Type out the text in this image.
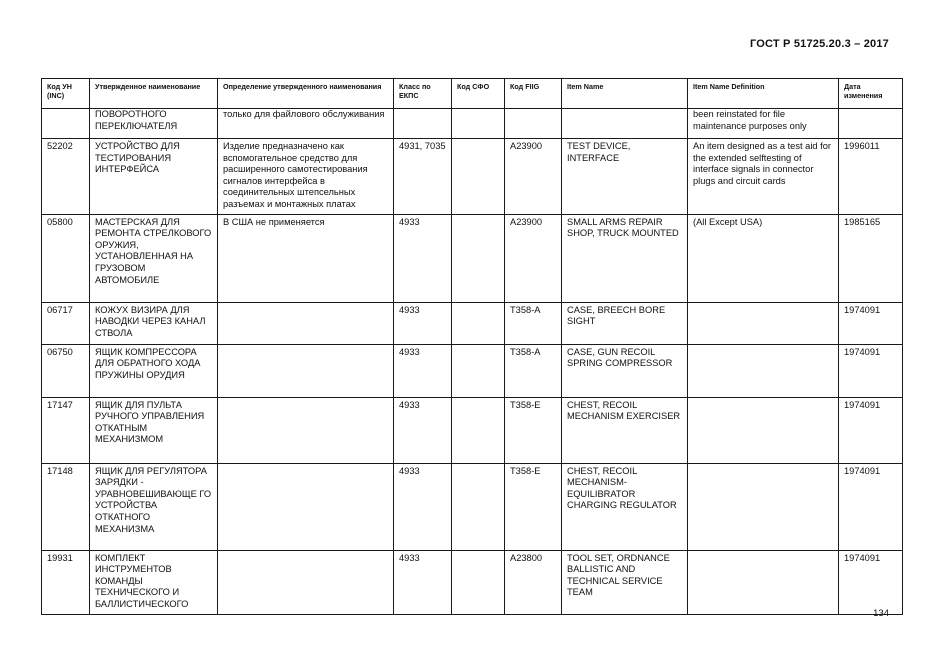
ГОСТ Р 51725.20.3 – 2017
Код УН (INC)	Утвержденное наименование	Определение утвержденного наименования	Класс по ЕКПС	Код СФО	Код FIIG	Item Name	Item Name Definition	Дата изменения
	ПОВОРОТНОГО ПЕРЕКЛЮЧАТЕЛЯ	только для файлового обслуживания					been reinstated for file maintenance purposes only	
52202	УСТРОЙСТВО ДЛЯ ТЕСТИРОВАНИЯ ИНТЕРФЕЙСА	Изделие предназначено как вспомогательное средство для расширенного самотестирования сигналов интерфейса в соединительных штепсельных разъемах и монтажных платах	4931, 7035		A23900	TEST DEVICE, INTERFACE	An item designed as a test aid for the extended selftesting of interface signals in connector plugs and circuit cards	1996011
05800	МАСТЕРСКАЯ ДЛЯ РЕМОНТА СТРЕЛКОВОГО ОРУЖИЯ, УСТАНОВЛЕННАЯ НА ГРУЗОВОМ АВТОМОБИЛЕ	В США не применяется	4933		A23900	SMALL ARMS REPAIR SHOP, TRUCK MOUNTED	(All Except USA)	1985165
06717	КОЖУХ ВИЗИРА ДЛЯ НАВОДКИ ЧЕРЕЗ КАНАЛ СТВОЛА		4933		T358-A	CASE, BREECH BORE SIGHT		1974091
06750	ЯЩИК КОМПРЕССОРА ДЛЯ ОБРАТНОГО ХОДА ПРУЖИНЫ ОРУДИЯ		4933		T358-A	CASE, GUN RECOIL SPRING COMPRESSOR		1974091
17147	ЯЩИК ДЛЯ ПУЛЬТА РУЧНОГО УПРАВЛЕНИЯ ОТКАТНЫМ МЕХАНИЗМОМ		4933		T358-E	CHEST, RECOIL MECHANISM EXERCISER		1974091
17148	ЯЩИК ДЛЯ РЕГУЛЯТОРА ЗАРЯДКИ - УРАВНОВЕШИВАЮЩЕ ГО УСТРОЙСТВА ОТКАТНОГО МЕХАНИЗМА		4933		T358-E	CHEST, RECOIL MECHANISM-EQUILIBRATOR CHARGING REGULATOR		1974091
19931	КОМПЛЕКТ ИНСТРУМЕНТОВ КОМАНДЫ ТЕХНИЧЕСКОГО И БАЛЛИСТИЧЕСКОГО		4933		A23800	TOOL SET, ORDNANCE BALLISTIC AND TECHNICAL SERVICE TEAM		1974091
134
